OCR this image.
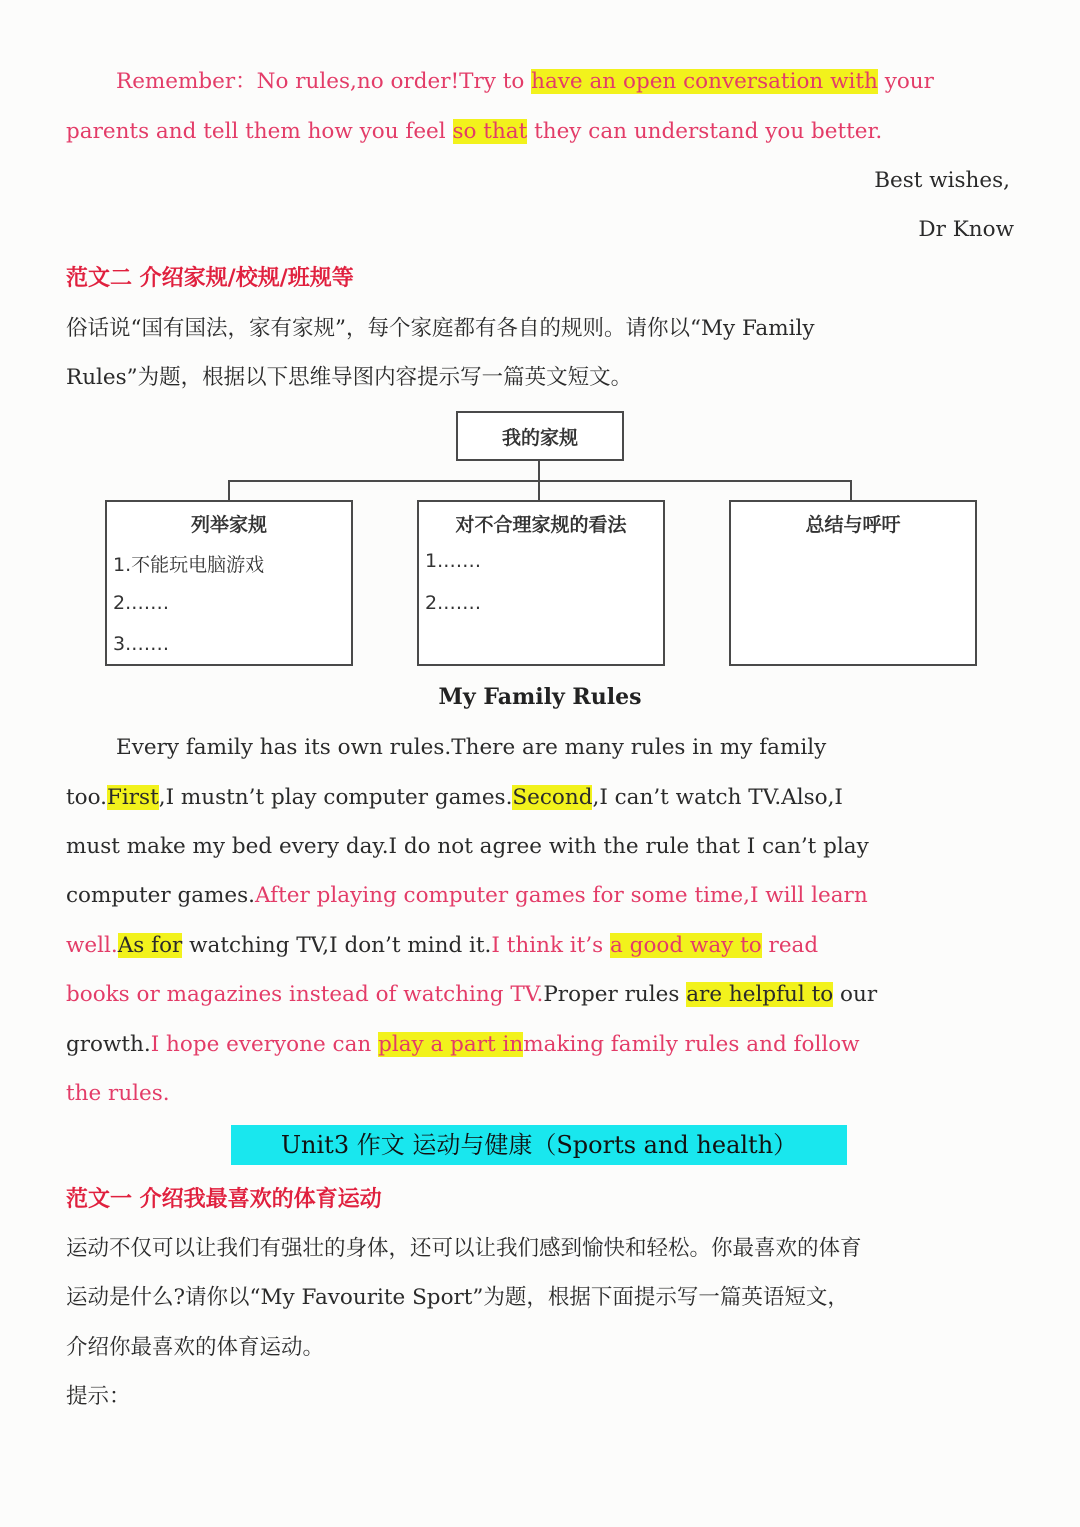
Remember：No rules,no order!Try to have an open conversation with your
parents and tell them how you feel so that they can understand you better.
Best wishes,
Dr Know
范文二 介绍家规/校规/班规等
俗话说“国有国法，家有家规”，每个家庭都有各自的规则。请你以“My Family
Rules”为题，根据以下思维导图内容提示写一篇英文短文。
我的家规
列举家规
1.不能玩电脑游戏
2.……
3.……
对不合理家规的看法
1.……
2.……
总结与呼吁
My Family Rules
Every family has its own rules.There are many rules in my family
too.First,I mustn’t play computer games.Second,I can’t watch TV.Also,I
must make my bed every day.I do not agree with the rule that I can’t play
computer games.After playing computer games for some time,I will learn
well.As for watching TV,I don’t mind it.I think it’s a good way to read
books or magazines instead of watching TV.Proper rules are helpful to our
growth.I hope everyone can play a part inmaking family rules and follow
the rules.
Unit3 作文 运动与健康（Sports and health）
范文一 介绍我最喜欢的体育运动
运动不仅可以让我们有强壮的身体，还可以让我们感到愉快和轻松。你最喜欢的体育
运动是什么?请你以“My Favourite Sport”为题，根据下面提示写一篇英语短文，
介绍你最喜欢的体育运动。
提示：
